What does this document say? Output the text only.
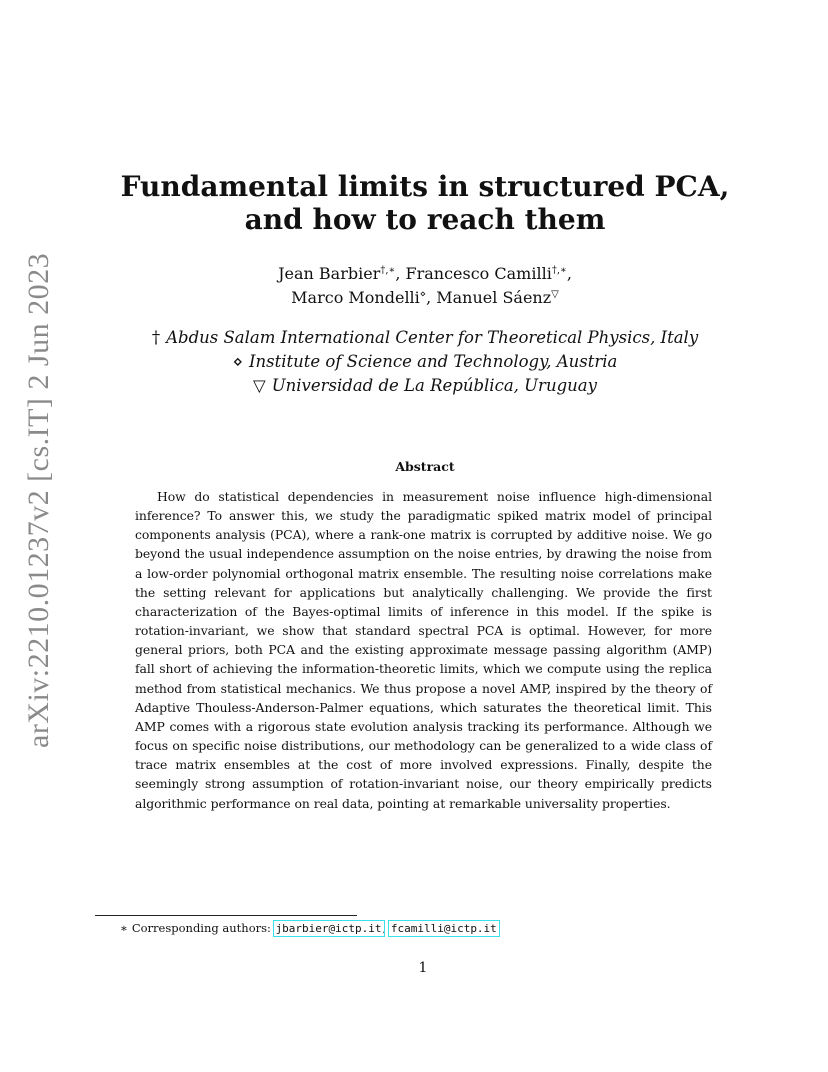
arXiv:2210.01237v2 [cs.IT] 2 Jun 2023
Fundamental limits in structured PCA,
and how to reach them
Jean Barbier†,∗, Francesco Camilli†,∗,
Marco Mondelli⋄, Manuel Sáenz▽
† Abdus Salam International Center for Theoretical Physics, Italy
⋄ Institute of Science and Technology, Austria
▽ Universidad de La República, Uruguay
Abstract
How do statistical dependencies in measurement noise influence high-dimensional inference? To answer this, we study the paradigmatic spiked matrix model of principal components analysis (PCA), where a rank-one matrix is corrupted by additive noise. We go beyond the usual independence assumption on the noise entries, by drawing the noise from a low-order polynomial orthogonal matrix ensemble. The resulting noise correlations make the setting relevant for applications but analytically challenging. We provide the first characterization of the Bayes-optimal limits of inference in this model. If the spike is rotation-invariant, we show that standard spectral PCA is optimal. However, for more general priors, both PCA and the existing approximate message passing algorithm (AMP) fall short of achieving the information-theoretic limits, which we compute using the replica method from statistical mechanics. We thus propose a novel AMP, inspired by the theory of Adaptive Thouless-Anderson-Palmer equations, which saturates the theoretical limit. This AMP comes with a rigorous state evolution analysis tracking its performance. Although we focus on specific noise distributions, our methodology can be generalized to a wide class of trace matrix ensembles at the cost of more involved expressions. Finally, despite the seemingly strong assumption of rotation-invariant noise, our theory empirically predicts algorithmic performance on real data, pointing at remarkable universality properties.
∗ Corresponding authors: jbarbier@ictp.it, fcamilli@ictp.it
1
